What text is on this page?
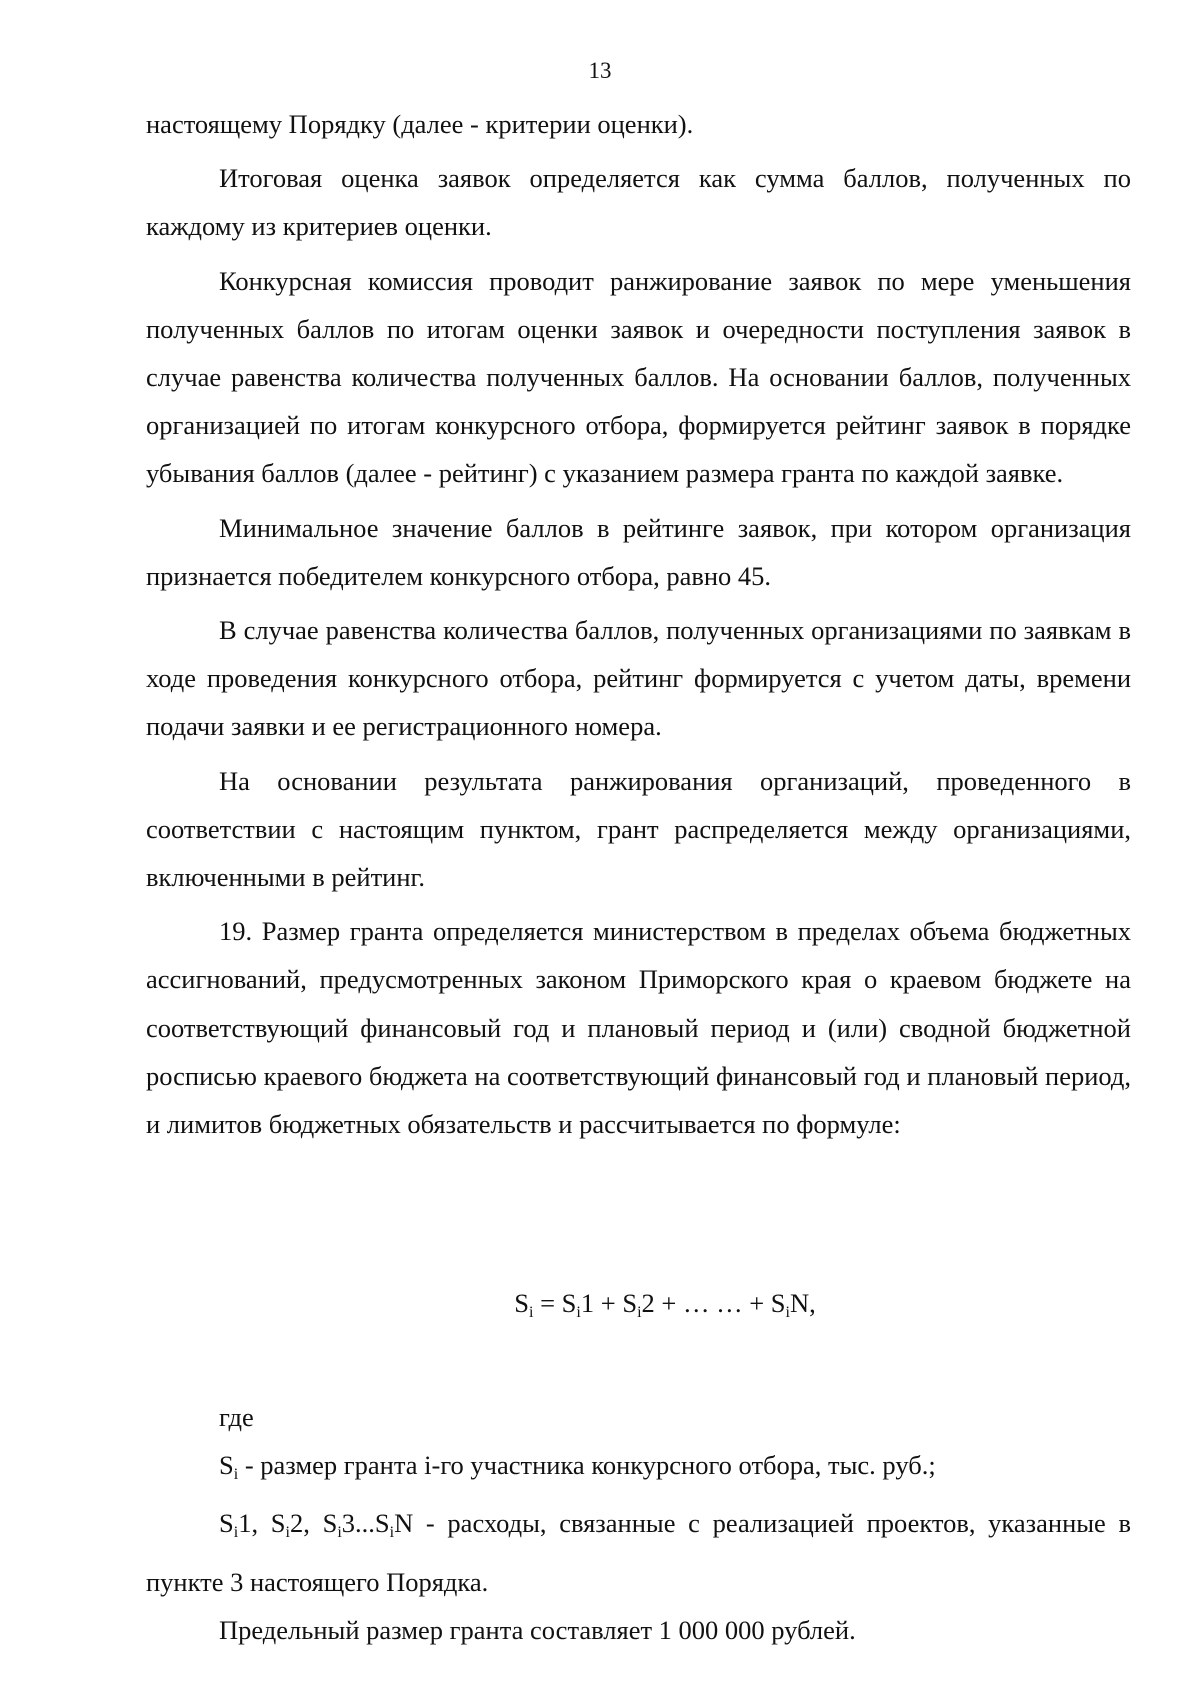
13

настоящему Порядку (далее - критерии оценки).

Итоговая оценка заявок определяется как сумма баллов, полученных по каждому из критериев оценки.

Конкурсная комиссия проводит ранжирование заявок по мере уменьшения полученных баллов по итогам оценки заявок и очередности поступления заявок в случае равенства количества полученных баллов. На основании баллов, полученных организацией по итогам конкурсного отбора, формируется рейтинг заявок в порядке убывания баллов (далее - рейтинг) с указанием размера гранта по каждой заявке.

Минимальное значение баллов в рейтинге заявок, при котором организация признается победителем конкурсного отбора, равно 45.

В случае равенства количества баллов, полученных организациями по заявкам в ходе проведения конкурсного отбора, рейтинг формируется с учетом даты, времени подачи заявки и ее регистрационного номера.

На основании результата ранжирования организаций, проведенного в соответствии с настоящим пунктом, грант распределяется между организациями, включенными в рейтинг.

19. Размер гранта определяется министерством в пределах объема бюджетных ассигнований, предусмотренных законом Приморского края о краевом бюджете на соответствующий финансовый год и плановый период и (или) сводной бюджетной росписью краевого бюджета на соответствующий финансовый год и плановый период, и лимитов бюджетных обязательств и рассчитывается по формуле:

$S_i = S_i1 + S_i2$ + … … + $S_iN$,

где

$S_i$ - размер гранта i-го участника конкурсного отбора, тыс. руб.;

$S_i1$, $S_i2$, $S_i3...S_iN$ - расходы, связанные с реализацией проектов, указанные в пункте 3 настоящего Порядка.

Предельный размер гранта составляет 1 000 000 рублей.
